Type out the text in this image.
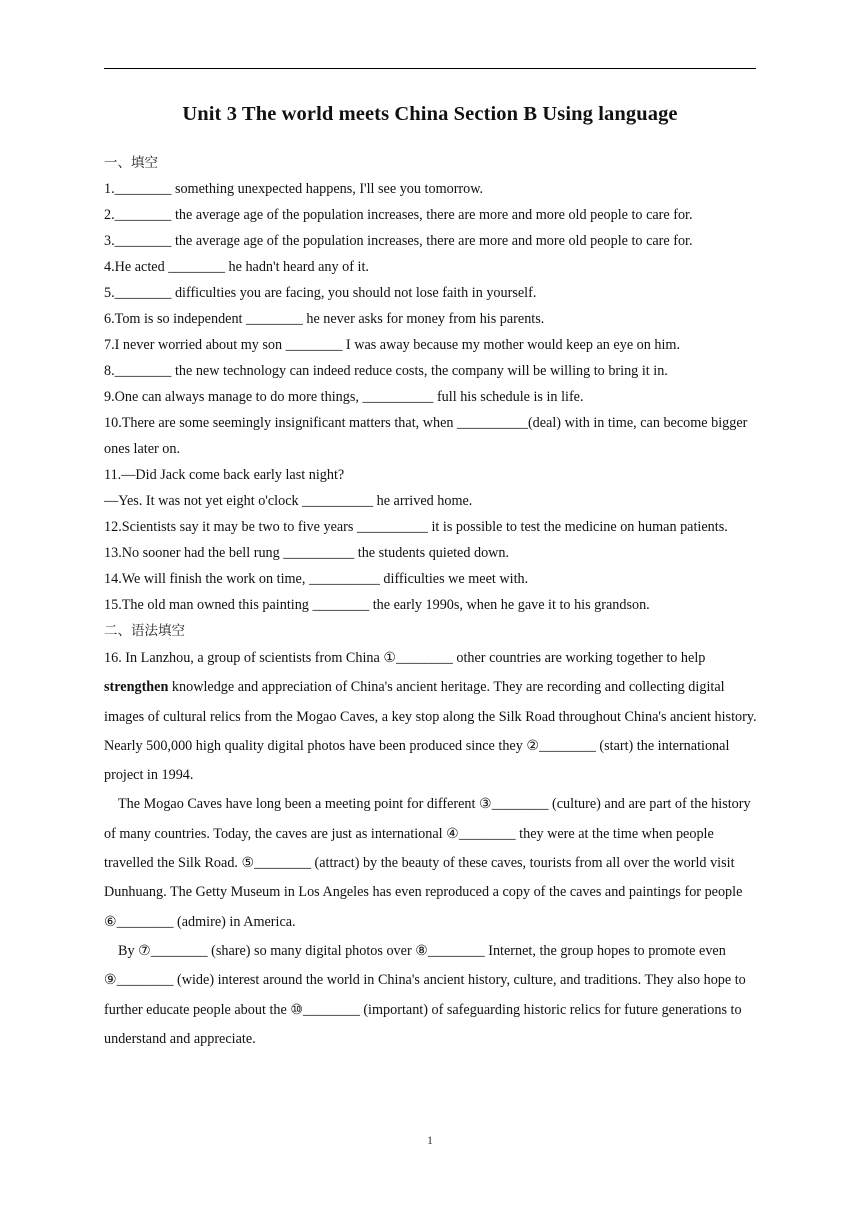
Unit 3 The world meets China Section B Using language
一、填空
1.________ something unexpected happens, I'll see you tomorrow.
2.________ the average age of the population increases, there are more and more old people to care for.
3.________ the average age of the population increases, there are more and more old people to care for.
4.He acted ________ he hadn't heard any of it.
5.________ difficulties you are facing, you should not lose faith in yourself.
6.Tom is so independent ________ he never asks for money from his parents.
7.I never worried about my son ________ I was away because my mother would keep an eye on him.
8.________ the new technology can indeed reduce costs, the company will be willing to bring it in.
9.One can always manage to do more things, __________ full his schedule is in life.
10.There are some seemingly insignificant matters that, when __________(deal) with in time, can become bigger ones later on.
11.—Did Jack come back early last night?
—Yes. It was not yet eight o'clock __________ he arrived home.
12.Scientists say it may be two to five years __________ it is possible to test the medicine on human patients.
13.No sooner had the bell rung __________ the students quieted down.
14.We will finish the work on time, __________ difficulties we meet with.
15.The old man owned this painting ________ the early 1990s, when he gave it to his grandson.
二、语法填空

16. In Lanzhou, a group of scientists from China ①________ other countries are working together to help strengthen knowledge and appreciation of China's ancient heritage. They are recording and collecting digital images of cultural relics from the Mogao Caves, a key stop along the Silk Road throughout China's ancient history. Nearly 500,000 high quality digital photos have been produced since they ②________ (start) the international project in 1994.

The Mogao Caves have long been a meeting point for different ③________ (culture) and are part of the history of many countries. Today, the caves are just as international ④________ they were at the time when people travelled the Silk Road. ⑤________ (attract) by the beauty of these caves, tourists from all over the world visit Dunhuang. The Getty Museum in Los Angeles has even reproduced a copy of the caves and paintings for people ⑥________ (admire) in America.

By ⑦________ (share) so many digital photos over ⑧________ Internet, the group hopes to promote even ⑨________ (wide) interest around the world in China's ancient history, culture, and traditions. They also hope to further educate people about the ⑩________ (important) of safeguarding historic relics for future generations to understand and appreciate.

1
